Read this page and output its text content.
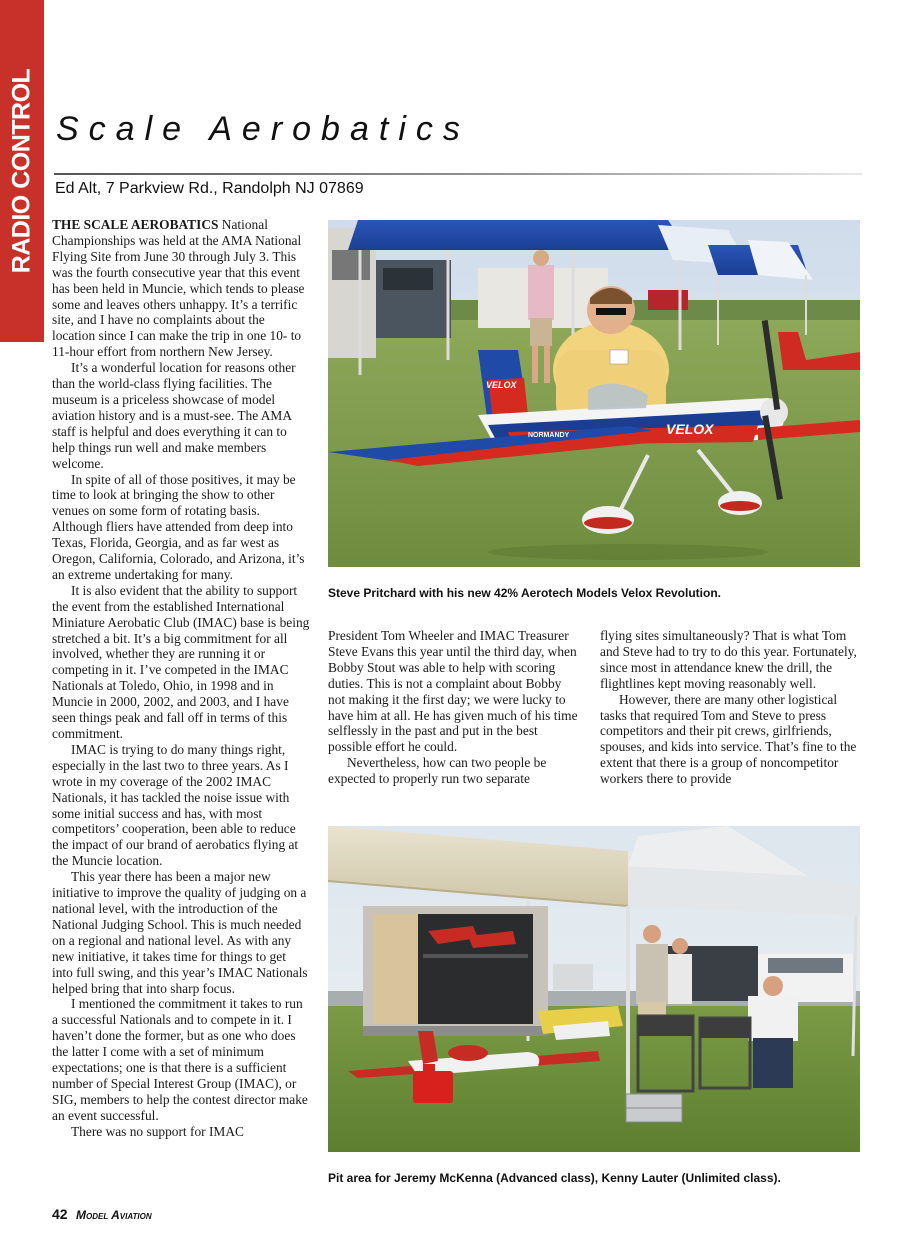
RADIO CONTROL Scale Aerobatics

Ed Alt, 7 Parkview Rd., Randolph NJ 07869

THE SCALE AEROBATICS National Championships was held at the AMA National Flying Site from June 30 through July 3. This was the fourth consecutive year that this event has been held in Muncie, which tends to please some and leaves others unhappy. It’s a terrific site, and I have no complaints about the location since I can make the trip in one 10- to 11-hour effort from northern New Jersey.

It’s a wonderful location for reasons other than the world-class flying facilities. The museum is a priceless showcase of model aviation history and is a must-see. The AMA staff is helpful and does everything it can to help things run well and make members welcome.

In spite of all of those positives, it may be time to look at bringing the show to other venues on some form of rotating basis. Although fliers have attended from deep into Texas, Florida, Georgia, and as far west as Oregon, California, Colorado, and Arizona, it’s an extreme undertaking for many.

It is also evident that the ability to support the event from the established International Miniature Aerobatic Club (IMAC) base is being stretched a bit. It’s a big commitment for all involved, whether they are running it or competing in it. I’ve competed in the IMAC Nationals at Toledo, Ohio, in 1998 and in Muncie in 2000, 2002, and 2003, and I have seen things peak and fall off in terms of this commitment.

IMAC is trying to do many things right, especially in the last two to three years. As I wrote in my coverage of the 2002 IMAC Nationals, it has tackled the noise issue with some initial success and has, with most competitors’ cooperation, been able to reduce the impact of our brand of aerobatics flying at the Muncie location.

This year there has been a major new initiative to improve the quality of judging on a national level, with the introduction of the National Judging School. This is much needed on a regional and national level. As with any new initiative, it takes time for things to get into full swing, and this year’s IMAC Nationals helped bring that into sharp focus.

I mentioned the commitment it takes to run a successful Nationals and to compete in it. I haven’t done the former, but as one who does the latter I come with a set of minimum expectations; one is that there is a sufficient number of Special Interest Group (IMAC), or SIG, members to help the contest director make an event successful.

There was no support for IMAC

VELOX
VELOX
NORMANDY

Steve Pritchard with his new 42% Aerotech Models Velox Revolution.

President Tom Wheeler and IMAC Treasurer Steve Evans this year until the third day, when Bobby Stout was able to help with scoring duties. This is not a complaint about Bobby not making it the first day; we were lucky to have him at all. He has given much of his time selflessly in the past and put in the best possible effort he could.

Nevertheless, how can two people be expected to properly run two separate

flying sites simultaneously? That is what Tom and Steve had to try to do this year. Fortunately, since most in attendance knew the drill, the flightlines kept moving reasonably well.

However, there are many other logistical tasks that required Tom and Steve to press competitors and their pit crews, girlfriends, spouses, and kids into service. That’s fine to the extent that there is a group of noncompetitor workers there to provide

Pit area for Jeremy McKenna (Advanced class), Kenny Lauter (Unlimited class).

42 Model Aviation
